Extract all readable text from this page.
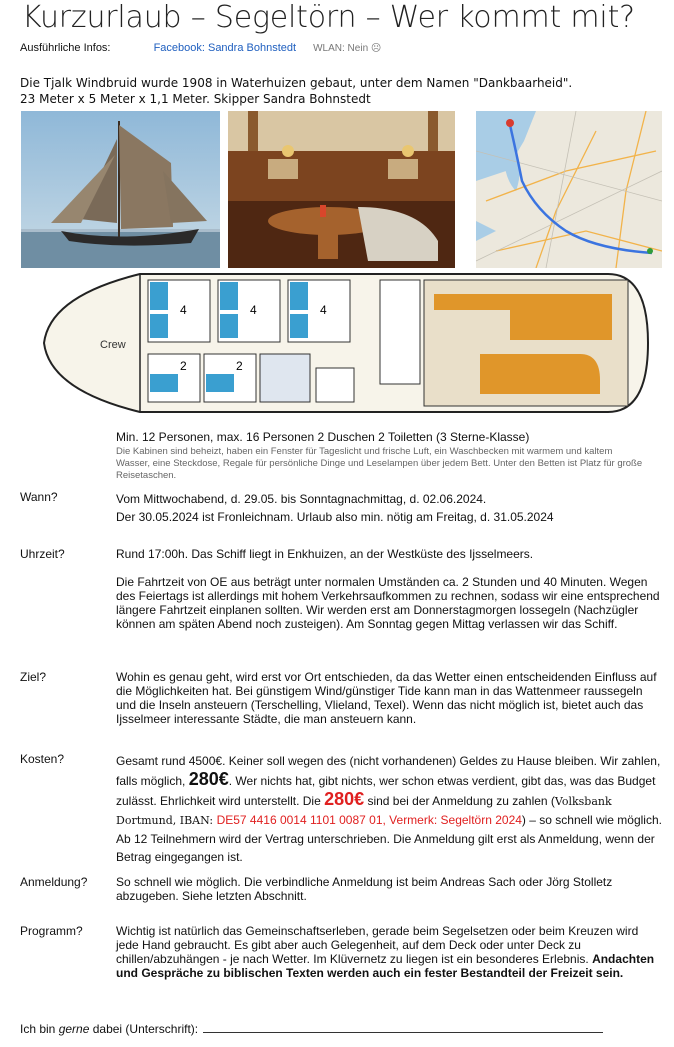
Kurzurlaub – Segeltörn – Wer kommt mit?
Ausführliche Infos:	Facebook: Sandra Bohnstedt WLAN: Nein ☹
Die Tjalk Windbruid wurde 1908 in Waterhuizen gebaut, unter dem Namen "Dankbaarheid".
23 Meter x 5 Meter x 1,1 Meter. Skipper Sandra Bohnstedt
Crew
4	4	4
2	2
Min. 12 Personen, max. 16 Personen 2 Duschen 2 Toiletten (3 Sterne-Klasse)
Die Kabinen sind beheizt, haben ein Fenster für Tageslicht und frische Luft, ein Waschbecken mit warmem und kaltem Wasser, eine Steckdose, Regale für persönliche Dinge und Leselampen über jedem Bett. Unter den Betten ist Platz für große Reisetaschen.
Wann?	Vom Mittwochabend, d. 29.05. bis Sonntagnachmittag, d. 02.06.2024.
Der 30.05.2024 ist Fronleichnam. Urlaub also min. nötig am Freitag, d. 31.05.2024
Uhrzeit?	Rund 17:00h. Das Schiff liegt in Enkhuizen, an der Westküste des Ijsselmeers.
Die Fahrtzeit von OE aus beträgt unter normalen Umständen ca. 2 Stunden und 40 Minuten. Wegen des Feiertags ist allerdings mit hohem Verkehrsaufkommen zu rechnen, sodass wir eine entsprechend längere Fahrtzeit einplanen sollten. Wir werden erst am Donnerstagmorgen lossegeln (Nachzügler können am späten Abend noch zusteigen). Am Sonntag gegen Mittag verlassen wir das Schiff.
Ziel?	Wohin es genau geht, wird erst vor Ort entschieden, da das Wetter einen entscheidenden Einfluss auf die Möglichkeiten hat. Bei günstigem Wind/günstiger Tide kann man in das Wattenmeer raussegeln und die Inseln ansteuern (Terschelling, Vlieland, Texel). Wenn das nicht möglich ist, bietet auch das Ijsselmeer interessante Städte, die man ansteuern kann.
Kosten?	Gesamt rund 4500€. Keiner soll wegen des (nicht vorhandenen) Geldes zu Hause bleiben. Wir zahlen, falls möglich, 280€. Wer nichts hat, gibt nichts, wer schon etwas verdient, gibt das, was das Budget zulässt. Ehrlichkeit wird unterstellt. Die 280€ sind bei der Anmeldung zu zahlen (Volksbank Dortmund, IBAN: DE57 4416 0014 1101 0087 01, Vermerk: Segeltörn 2024) – so schnell wie möglich. Ab 12 Teilnehmern wird der Vertrag unterschrieben. Die Anmeldung gilt erst als Anmeldung, wenn der Betrag eingegangen ist.
Anmeldung?	So schnell wie möglich. Die verbindliche Anmeldung ist beim Andreas Sach oder Jörg Stolletz abzugeben. Siehe letzten Abschnitt.
Programm?	Wichtig ist natürlich das Gemeinschaftserleben, gerade beim Segelsetzen oder beim Kreuzen wird jede Hand gebraucht. Es gibt aber auch Gelegenheit, auf dem Deck oder unter Deck zu chillen/abzuhängen - je nach Wetter. Im Klüvernetz zu liegen ist ein besonderes Erlebnis. Andachten und Gespräche zu biblischen Texten werden auch ein fester Bestandteil der Freizeit sein.
Ich bin gerne dabei (Unterschrift):
